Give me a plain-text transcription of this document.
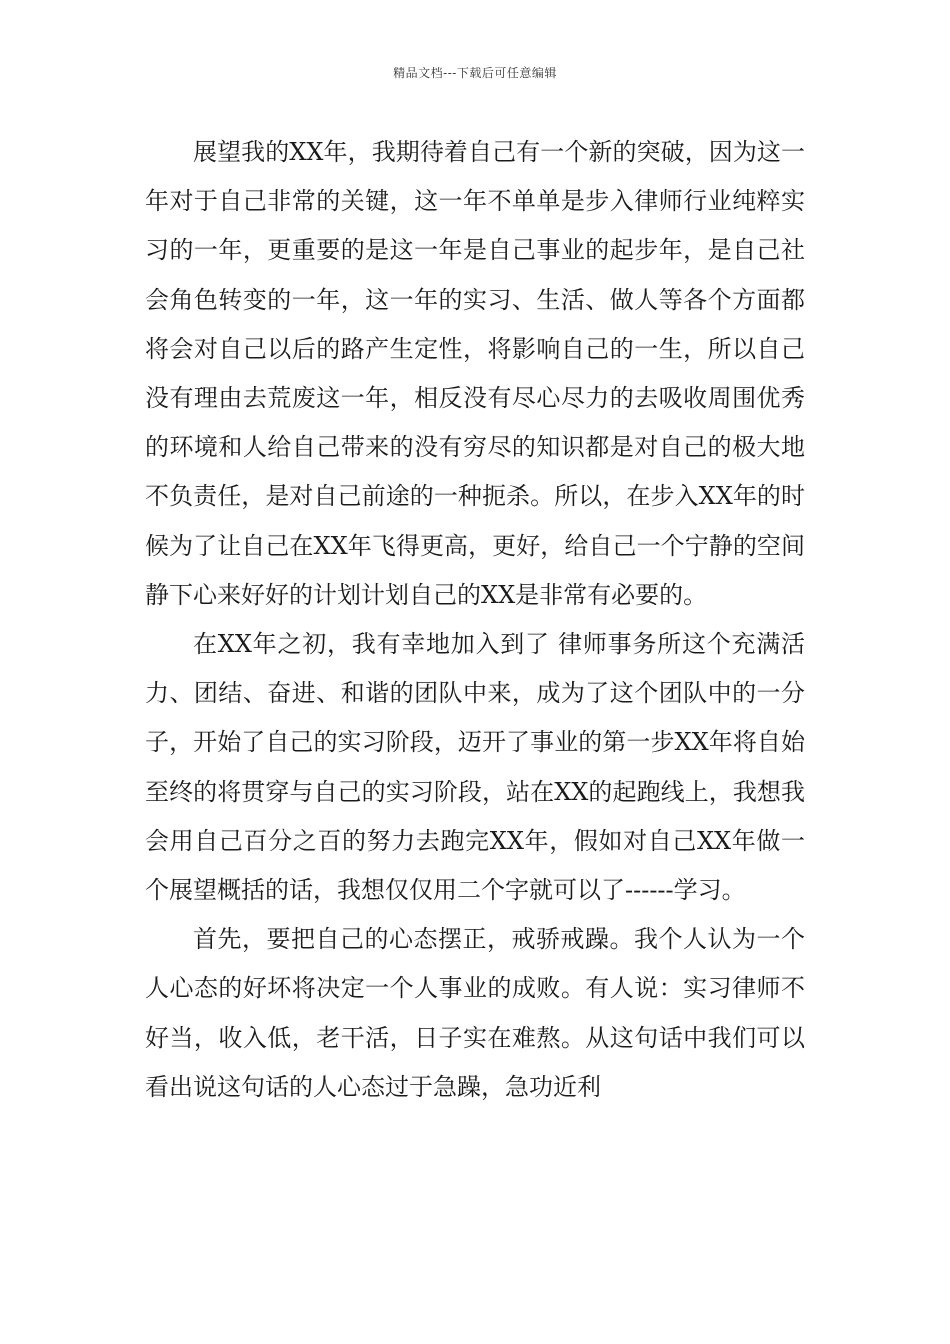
精品文档---下载后可任意编辑

展望我的XX年，我期待着自己有一个新的突破，因为这一年对于自己非常的关键，这一年不单单是步入律师行业纯粹实习的一年，更重要的是这一年是自己事业的起步年，是自己社会角色转变的一年，这一年的实习、生活、做人等各个方面都将会对自己以后的路产生定性，将影响自己的一生，所以自己没有理由去荒废这一年，相反没有尽心尽力的去吸收周围优秀的环境和人给自己带来的没有穷尽的知识都是对自己的极大地不负责任，是对自己前途的一种扼杀。所以，在步入XX年的时候为了让自己在XX年飞得更高，更好，给自己一个宁静的空间静下心来好好的计划计划自己的XX是非常有必要的。

在XX年之初，我有幸地加入到了 律师事务所这个充满活力、团结、奋进、和谐的团队中来，成为了这个团队中的一分子，开始了自己的实习阶段，迈开了事业的第一步XX年将自始至终的将贯穿与自己的实习阶段，站在XX的起跑线上，我想我会用自己百分之百的努力去跑完XX年，假如对自己XX年做一个展望概括的话，我想仅仅用二个字就可以了------学习。

首先，要把自己的心态摆正，戒骄戒躁。我个人认为一个人心态的好坏将决定一个人事业的成败。有人说：实习律师不好当，收入低，老干活，日子实在难熬。从这句话中我们可以看出说这句话的人心态过于急躁，急功近利
